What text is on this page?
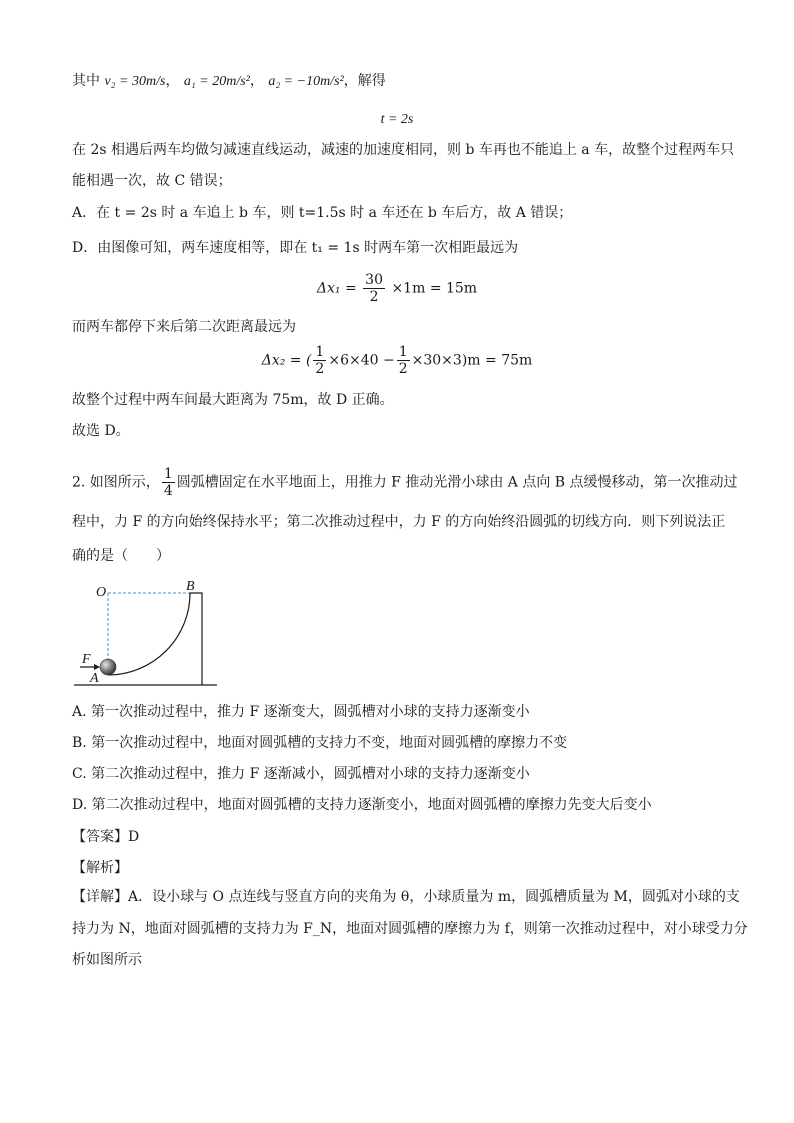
其中 v₂ = 30m/s， a₁ = 20m/s²， a₂ = −10m/s²，解得
t = 2s
在 2s 相遇后两车均做匀减速直线运动，减速的加速度相同，则 b 车再也不能追上 a 车，故整个过程两车只
能相遇一次，故 C 错误；
A．在 t = 2s 时 a 车追上 b 车，则 t=1.5s 时 a 车还在 b 车后方，故 A 错误；
D．由图像可知，两车速度相等，即在 t₁ = 1s 时两车第一次相距最远为
$\Delta x_1 = \frac{30}{2} \times 1m = 15m$
而两车都停下来后第二次距离最远为
Δx₂ = ( $\frac{1}{2} \times 6\times 40 - \frac{1}{2} \times 30\times 3)m = 75m$
故整个过程中两车间最大距离为 75m，故 D 正确。
故选 D。
2. 如图所示， $\frac{1}{4}$ 圆弧槽固定在水平地面上，用推力 F 推动光滑小球由 A 点向 B 点缓慢移动，第一次推动过
程中，力 F 的方向始终保持水平；第二次推动过程中，力 F 的方向始终沿圆弧的切线方向．则下列说法正
确的是（　　）
O	B
F
A
A. 第一次推动过程中，推力 F 逐渐变大，圆弧槽对小球的支持力逐渐变小
B. 第一次推动过程中，地面对圆弧槽的支持力不变，地面对圆弧槽的摩擦力不变
C. 第二次推动过程中，推力 F 逐渐减小，圆弧槽对小球的支持力逐渐变小
D. 第二次推动过程中，地面对圆弧槽的支持力逐渐变小，地面对圆弧槽的摩擦力先变大后变小
【答案】D
【解析】
【详解】A．设小球与 O 点连线与竖直方向的夹角为 θ，小球质量为 m，圆弧槽质量为 M，圆弧对小球的支
持力为 N，地面对圆弧槽的支持力为 F_N，地面对圆弧槽的摩擦力为 f，则第一次推动过程中，对小球受力分
析如图所示
